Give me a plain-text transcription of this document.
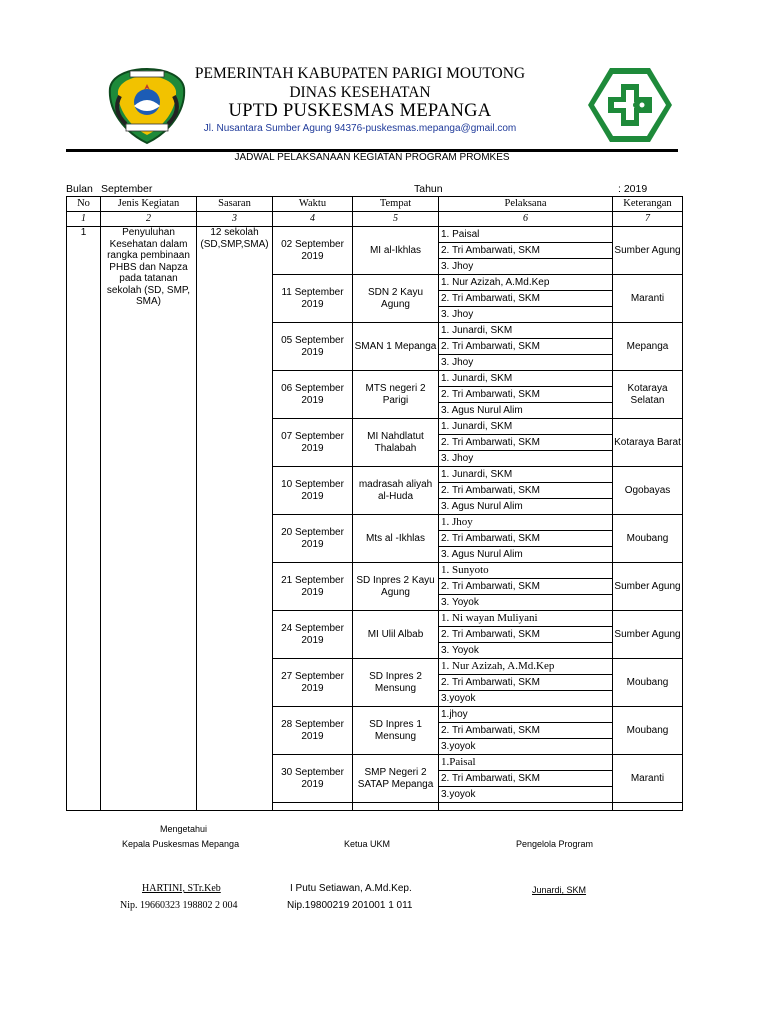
PEMERINTAH KABUPATEN PARIGI MOUTONG
DINAS KESEHATAN
UPTD PUSKESMAS MEPANGA
Jl. Nusantara Sumber Agung 94376-puskesmas.mepanga@gmail.com
JADWAL PELAKSANAAN KEGIATAN PROGRAM PROMKES
Bulan September	Tahun	: 2019
No	Jenis Kegiatan	Sasaran	Waktu	Tempat	Pelaksana	Keterangan
1	2	3	4	5	6	7
1	Penyuluhan Kesehatan dalam rangka pembinaan PHBS dan Napza pada tatanan sekolah (SD, SMP, SMA)	12 sekolah (SD,SMP,SMA)	02 September 2019	MI al-Ikhlas	1. Paisal	Sumber Agung
					2. Tri Ambarwati, SKM	
					3. Jhoy	
			11 September 2019	SDN 2 Kayu Agung	1. Nur Azizah, A.Md.Kep	Maranti
					2. Tri Ambarwati, SKM	
					3. Jhoy	
			05 September 2019	SMAN 1 Mepanga	1. Junardi, SKM	Mepanga
					2. Tri Ambarwati, SKM	
					3. Jhoy	
			06 September 2019	MTS negeri 2 Parigi	1. Junardi, SKM	Kotaraya Selatan
					2. Tri Ambarwati, SKM	
					3. Agus Nurul Alim	
			07 September 2019	MI Nahdlatut Thalabah	1. Junardi, SKM	Kotaraya Barat
					2. Tri Ambarwati, SKM	
					3. Jhoy	
			10 September 2019	madrasah aliyah al-Huda	1. Junardi, SKM	Ogobayas
					2. Tri Ambarwati, SKM	
					3. Agus Nurul Alim	
			20 September 2019	Mts al -Ikhlas	1. Jhoy	Moubang
					2. Tri Ambarwati, SKM	
					3. Agus Nurul Alim	
			21 September 2019	SD Inpres 2 Kayu Agung	1. Sunyoto	Sumber Agung
					2. Tri Ambarwati, SKM	
					3. Yoyok	
			24 September 2019	MI Ulil Albab	1. Ni wayan Muliyani	Sumber Agung
					2. Tri Ambarwati, SKM	
					3. Yoyok	
			27 September 2019	SD Inpres 2 Mensung	1. Nur Azizah, A.Md.Kep	Moubang
					2. Tri Ambarwati, SKM	
					3.yoyok	
			28 September 2019	SD Inpres 1 Mensung	1.jhoy	Moubang
					2. Tri Ambarwati, SKM	
					3.yoyok	
			30 September 2019	SMP Negeri 2 SATAP Mepanga	1.Paisal	Maranti
					2. Tri Ambarwati, SKM	
					3.yoyok	

Mengetahui
Kepala Puskesmas Mepanga	Ketua UKM	Pengelola Program
HARTINI, STr.Keb	I Putu Setiawan, A.Md.Kep.	Junardi, SKM
Nip. 19660323 198802 2 004	Nip.19800219 201001 1 011
